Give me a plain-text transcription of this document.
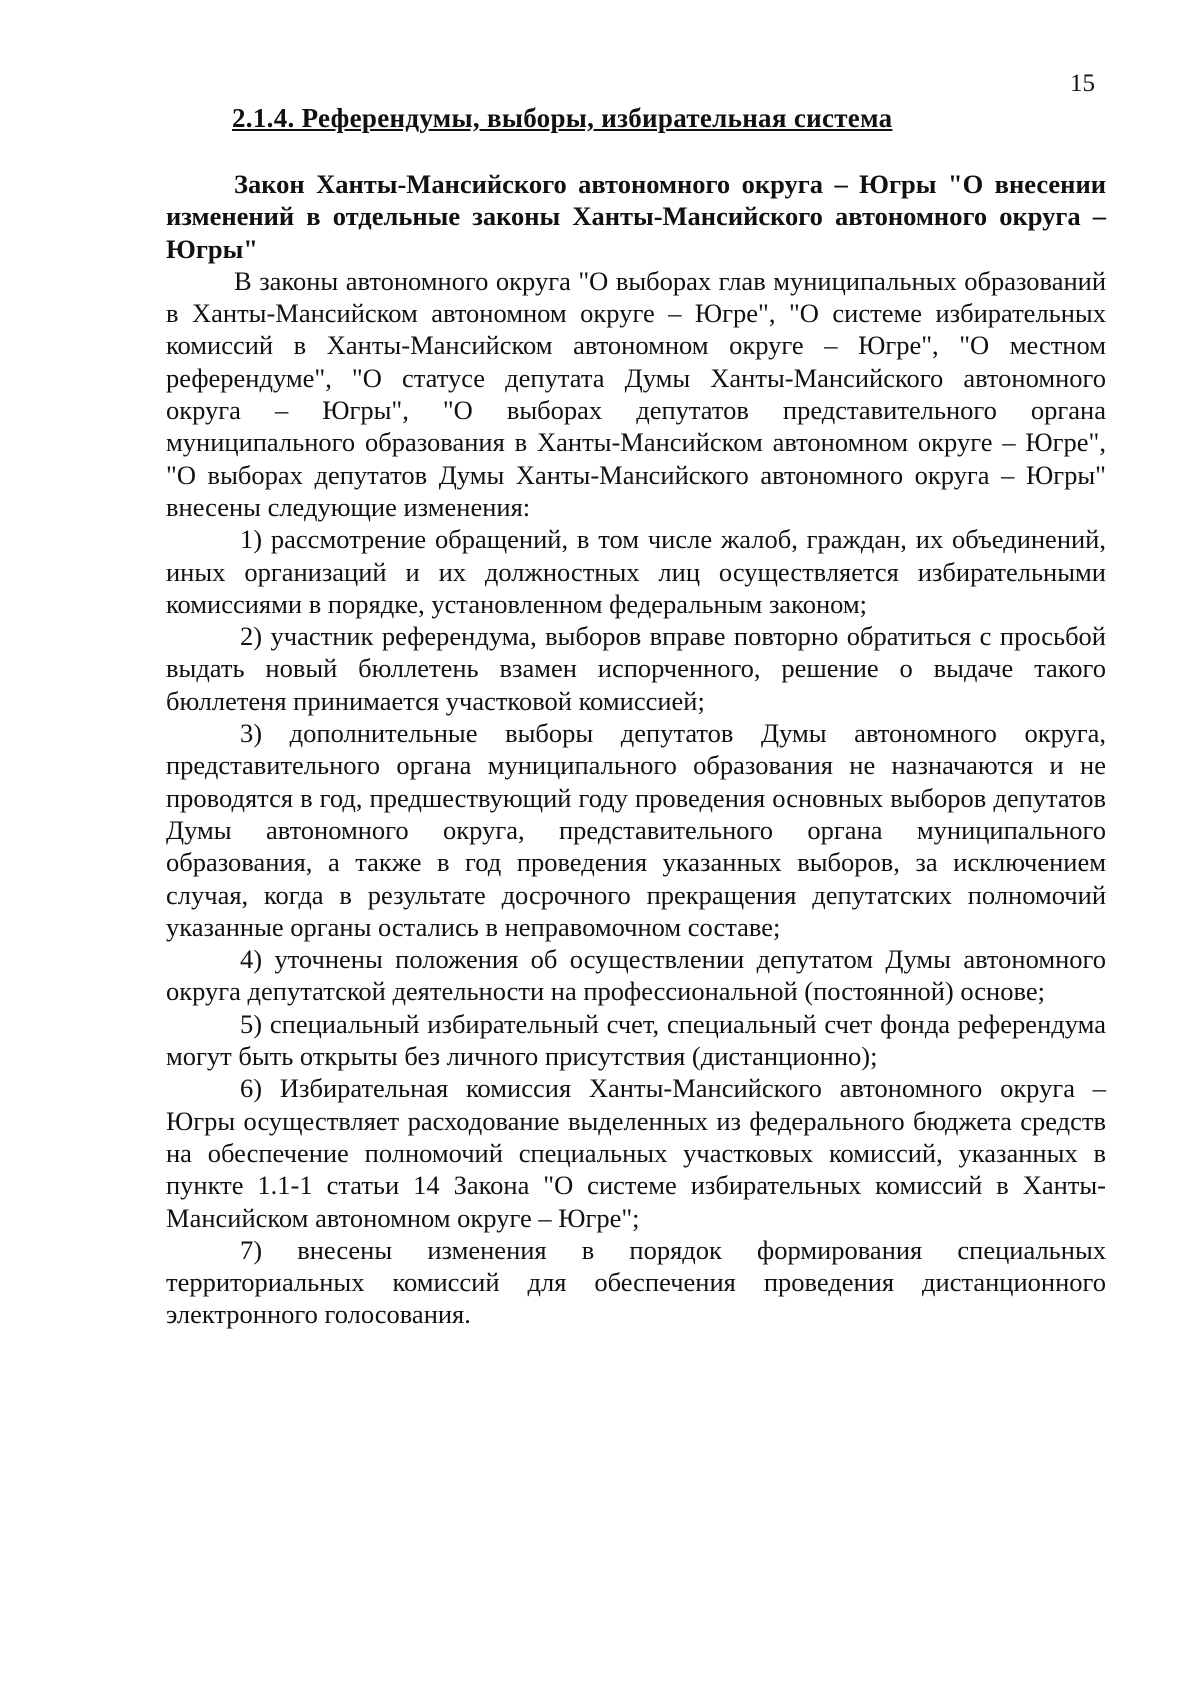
15
2.1.4. Референдумы, выборы, избирательная система

Закон Ханты-Мансийского автономного округа – Югры "О внесении изменений в отдельные законы Ханты-Мансийского автономного округа – Югры"

В законы автономного округа "О выборах глав муниципальных образований в Ханты-Мансийском автономном округе – Югре", "О системе избирательных комиссий в Ханты-Мансийском автономном округе – Югре", "О местном референдуме", "О статусе депутата Думы Ханты-Мансийского автономного округа – Югры", "О выборах депутатов представительного органа муниципального образования в Ханты-Мансийском автономном округе – Югре", "О выборах депутатов Думы Ханты-Мансийского автономного округа – Югры" внесены следующие изменения:

1) рассмотрение обращений, в том числе жалоб, граждан, их объединений, иных организаций и их должностных лиц осуществляется избирательными комиссиями в порядке, установленном федеральным законом;

2) участник референдума, выборов вправе повторно обратиться с просьбой выдать новый бюллетень взамен испорченного, решение о выдаче такого бюллетеня принимается участковой комиссией;

3) дополнительные выборы депутатов Думы автономного округа, представительного органа муниципального образования не назначаются и не проводятся в год, предшествующий году проведения основных выборов депутатов Думы автономного округа, представительного органа муниципального образования, а также в год проведения указанных выборов, за исключением случая, когда в результате досрочного прекращения депутатских полномочий указанные органы остались в неправомочном составе;

4) уточнены положения об осуществлении депутатом Думы автономного округа депутатской деятельности на профессиональной (постоянной) основе;

5) специальный избирательный счет, специальный счет фонда референдума могут быть открыты без личного присутствия (дистанционно);

6) Избирательная комиссия Ханты-Мансийского автономного округа – Югры осуществляет расходование выделенных из федерального бюджета средств на обеспечение полномочий специальных участковых комиссий, указанных в пункте 1.1-1 статьи 14 Закона "О системе избирательных комиссий в Ханты-Мансийском автономном округе – Югре";

7) внесены изменения в порядок формирования специальных территориальных комиссий для обеспечения проведения дистанционного электронного голосования.
